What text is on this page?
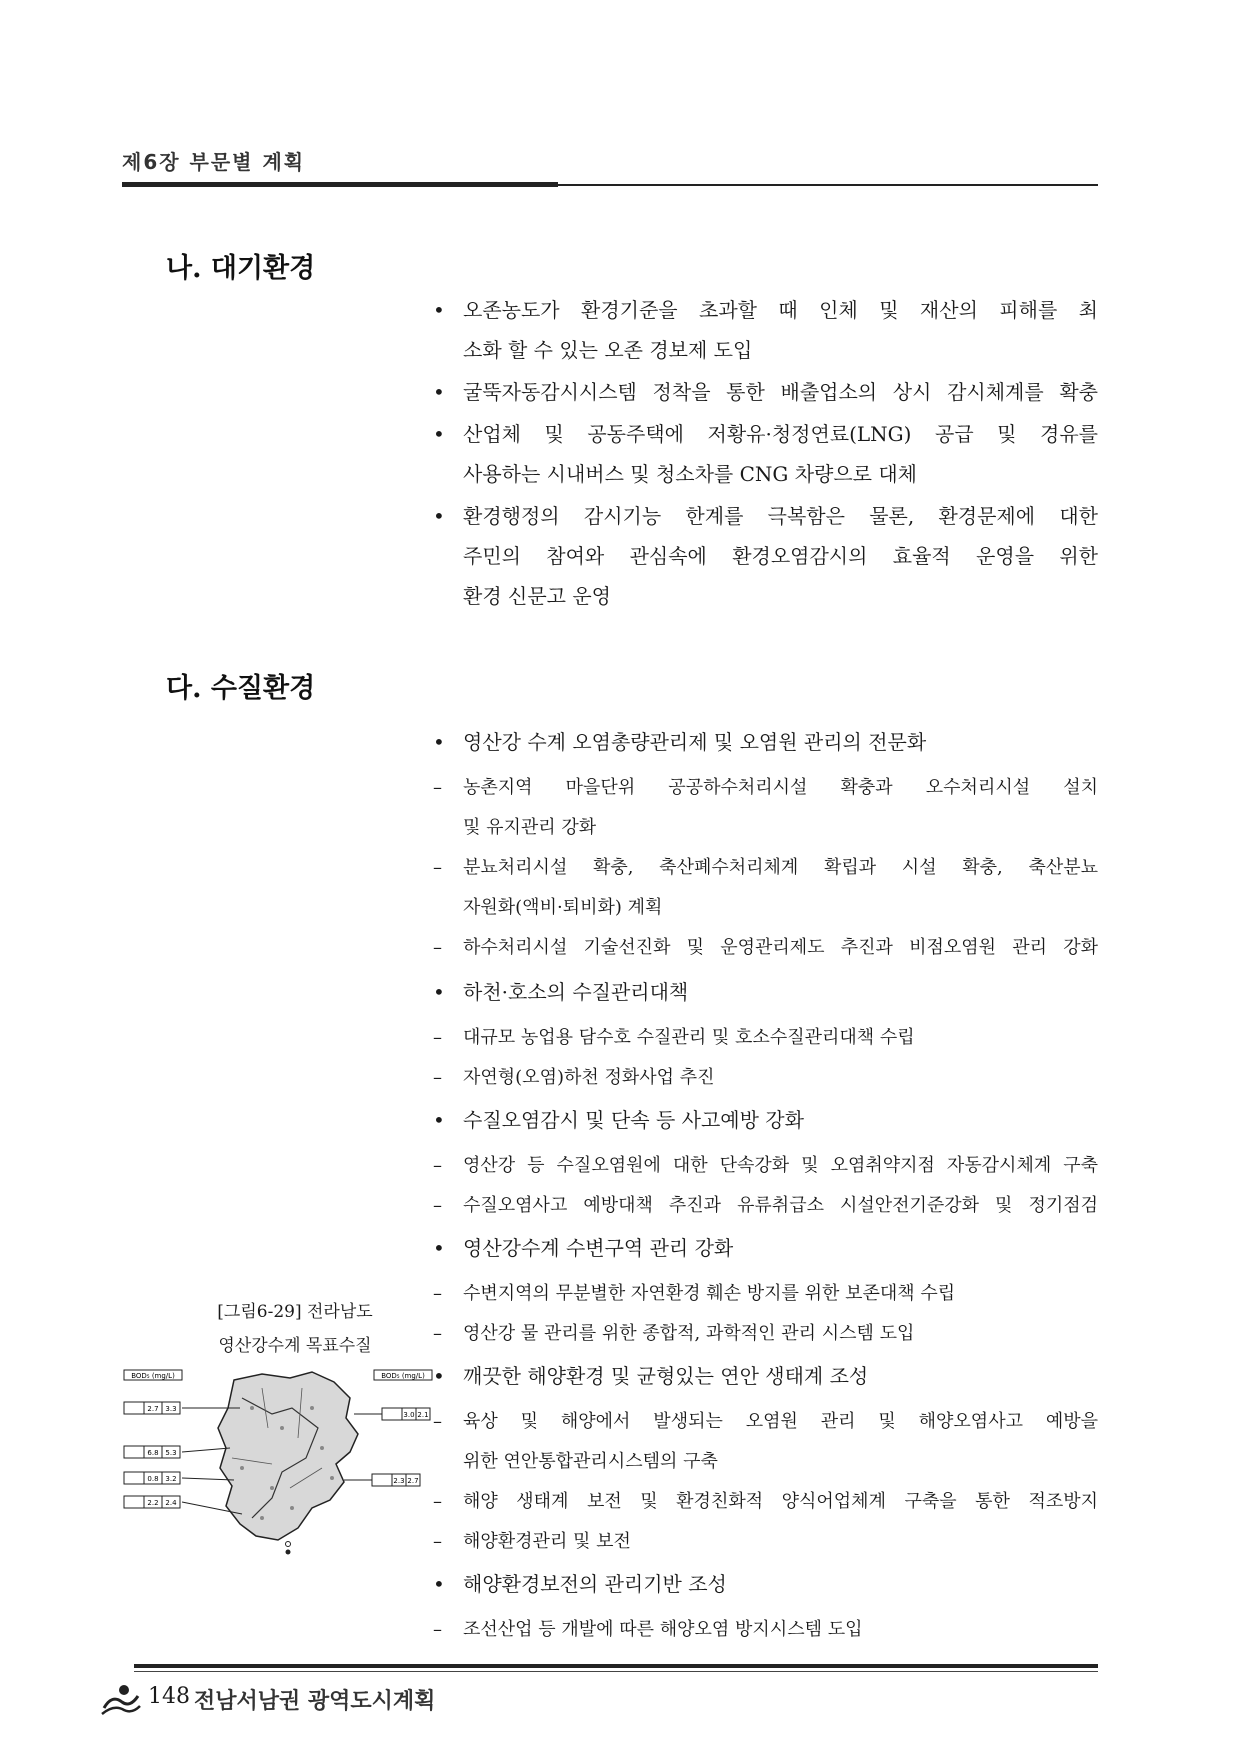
제6장 부문별 계획
나. 대기환경
• 오존농도가 환경기준을 초과할 때 인체 및 재산의 피해를 최
소화 할 수 있는 오존 경보제 도입
• 굴뚝자동감시시스템 정착을 통한 배출업소의 상시 감시체계를 확충
• 산업체 및 공동주택에 저황유·청정연료(LNG) 공급 및 경유를
사용하는 시내버스 및 청소차를 CNG 차량으로 대체
• 환경행정의 감시기능 한계를 극복함은 물론, 환경문제에 대한
주민의 참여와 관심속에 환경오염감시의 효율적 운영을 위한
환경 신문고 운영
다. 수질환경
• 영산강 수계 오염총량관리제 및 오염원 관리의 전문화
– 농촌지역 마을단위 공공하수처리시설 확충과 오수처리시설 설치
및 유지관리 강화
– 분뇨처리시설 확충, 축산폐수처리체계 확립과 시설 확충, 축산분뇨
자원화(액비·퇴비화) 계획
– 하수처리시설 기술선진화 및 운영관리제도 추진과 비점오염원 관리 강화
• 하천·호소의 수질관리대책
– 대규모 농업용 담수호 수질관리 및 호소수질관리대책 수립
– 자연형(오염)하천 정화사업 추진
• 수질오염감시 및 단속 등 사고예방 강화
– 영산강 등 수질오염원에 대한 단속강화 및 오염취약지점 자동감시체계 구축
– 수질오염사고 예방대책 추진과 유류취급소 시설안전기준강화 및 정기점검
• 영산강수계 수변구역 관리 강화
– 수변지역의 무분별한 자연환경 훼손 방지를 위한 보존대책 수립
– 영산강 물 관리를 위한 종합적, 과학적인 관리 시스템 도입
• 깨끗한 해양환경 및 균형있는 연안 생태계 조성
– 육상 및 해양에서 발생되는 오염원 관리 및 해양오염사고 예방을
위한 연안통합관리시스템의 구축
– 해양 생태계 보전 및 환경친화적 양식어업체계 구축을 통한 적조방지
– 해양환경관리 및 보전
• 해양환경보전의 관리기반 조성
– 조선산업 등 개발에 따른 해양오염 방지시스템 도입
[그림6-29] 전라남도
영산강수계 목표수질
BOD₅ (mg/L)	BOD₅ (mg/L)
2.7 3.3
6.8 5.3
0.8 3.2
2.2 2.4
3.0 2.1
2.3 2.7
148 전남서남권 광역도시계획
